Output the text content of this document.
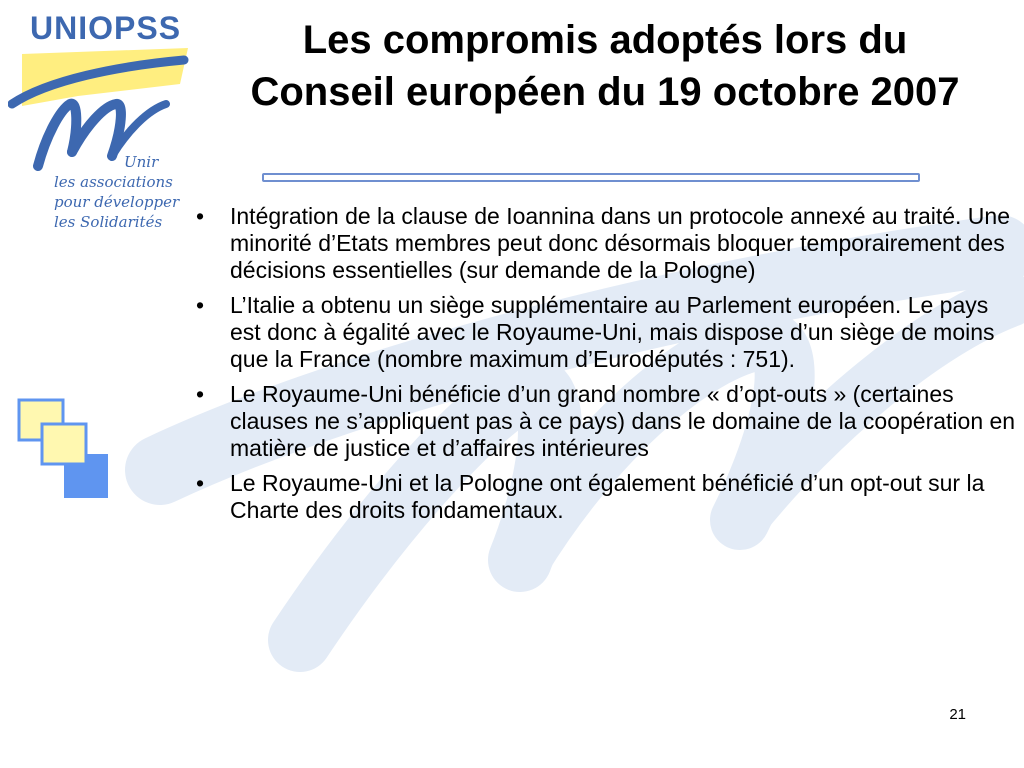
UNIOPSS
Unir
les associations
pour développer
les Solidarités
Les compromis adoptés lors du Conseil européen du 19 octobre 2007
•	Intégration de la clause de Ioannina dans un protocole annexé au traité. Une minorité d’Etats membres peut donc désormais bloquer temporairement des décisions essentielles (sur demande de la Pologne)
•	L’Italie a obtenu un siège supplémentaire au Parlement européen. Le pays est donc à égalité avec le Royaume-Uni, mais dispose d’un siège de moins que la France (nombre maximum d’Eurodéputés : 751).
•	Le Royaume-Uni bénéficie d’un grand nombre « d’opt-outs » (certaines clauses ne s’appliquent pas à ce pays) dans le domaine de la coopération en matière de justice et d’affaires intérieures
•	Le Royaume-Uni et la Pologne ont également bénéficié d’un opt-out sur la Charte des droits fondamentaux.
21
